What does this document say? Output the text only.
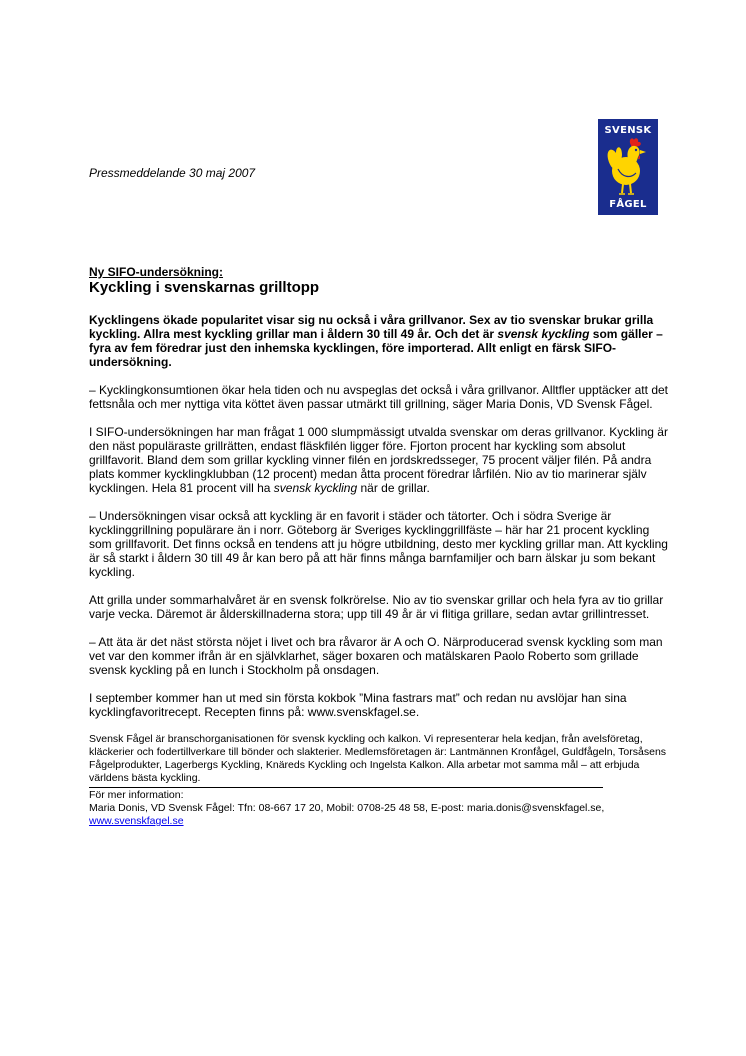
SVENSK
FÅGEL
Pressmeddelande 30 maj 2007

Ny SIFO-undersökning:

Kyckling i svenskarnas grilltopp

Kycklingens ökade popularitet visar sig nu också i våra grillvanor. Sex av tio svenskar brukar grilla kyckling. Allra mest kyckling grillar man i åldern 30 till 49 år. Och det är svensk kyckling som gäller – fyra av fem föredrar just den inhemska kycklingen, före importerad. Allt enligt en färsk SIFO-undersökning.

– Kycklingkonsumtionen ökar hela tiden och nu avspeglas det också i våra grillvanor. Alltfler upptäcker att det fettsnåla och mer nyttiga vita köttet även passar utmärkt till grillning, säger Maria Donis, VD Svensk Fågel.

I SIFO-undersökningen har man frågat 1 000 slumpmässigt utvalda svenskar om deras grillvanor. Kyckling är den näst populäraste grillrätten, endast fläskfilén ligger före. Fjorton procent har kyckling som absolut grillfavorit. Bland dem som grillar kyckling vinner filén en jordskredsseger, 75 procent väljer filén. På andra plats kommer kycklingklubban (12 procent) medan åtta procent föredrar lårfilén. Nio av tio marinerar själv kycklingen. Hela 81 procent vill ha svensk kyckling när de grillar.

– Undersökningen visar också att kyckling är en favorit i städer och tätorter. Och i södra Sverige är kycklinggrillning populärare än i norr. Göteborg är Sveriges kycklinggrillfäste – här har 21 procent kyckling som grillfavorit. Det finns också en tendens att ju högre utbildning, desto mer kyckling grillar man. Att kyckling är så starkt i åldern 30 till 49 år kan bero på att här finns många barnfamiljer och barn älskar ju som bekant kyckling.

Att grilla under sommarhalvåret är en svensk folkrörelse. Nio av tio svenskar grillar och hela fyra av tio grillar varje vecka. Däremot är ålderskillnaderna stora; upp till 49 år är vi flitiga grillare, sedan avtar grillintresset.

– Att äta är det näst största nöjet i livet och bra råvaror är A och O. Närproducerad svensk kyckling som man vet var den kommer ifrån är en självklarhet, säger boxaren och matälskaren Paolo Roberto som grillade svensk kyckling på en lunch i Stockholm på onsdagen.

I september kommer han ut med sin första kokbok ”Mina fastrars mat” och redan nu avslöjar han sina kycklingfavoritrecept. Recepten finns på: www.svenskfagel.se.

Svensk Fågel är branschorganisationen för svensk kyckling och kalkon. Vi representerar hela kedjan, från avelsföretag, kläckerier och fodertillverkare till bönder och slakterier. Medlemsföretagen är: Lantmännen Kronfågel, Guldfågeln, Torsåsens Fågelprodukter, Lagerbergs Kyckling, Knäreds Kyckling och Ingelsta Kalkon. Alla arbetar mot samma mål – att erbjuda världens bästa kyckling.

För mer information:

Maria Donis, VD Svensk Fågel: Tfn: 08-667 17 20, Mobil: 0708-25 48 58, E-post: maria.donis@svenskfagel.se,

www.svenskfagel.se
